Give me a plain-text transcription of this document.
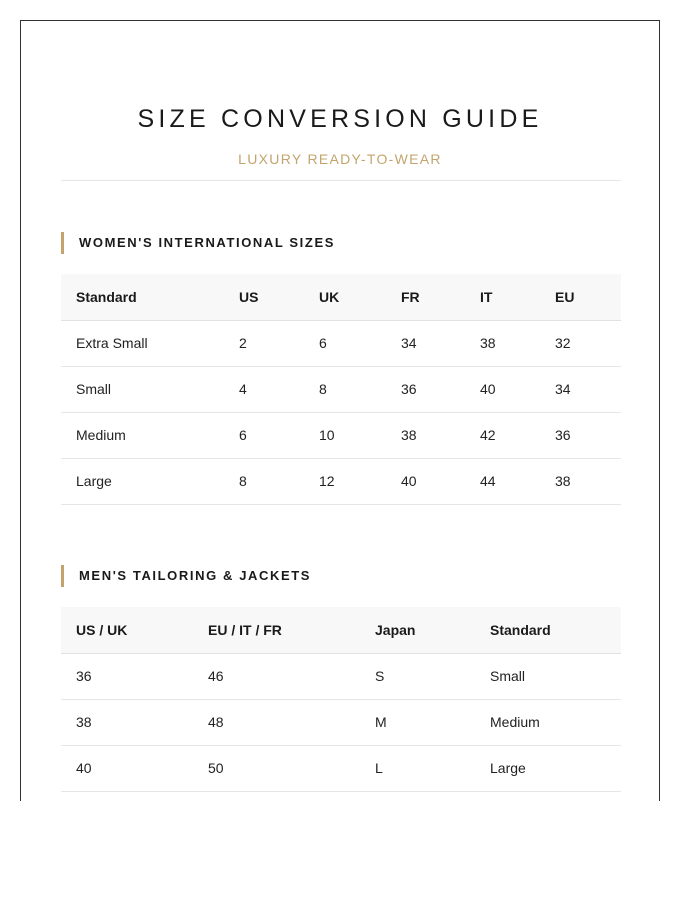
SIZE CONVERSION GUIDE
LUXURY READY-TO-WEAR
WOMEN'S INTERNATIONAL SIZES
Standard	US	UK	FR	IT	EU
Extra Small	2	6	34	38	32
Small	4	8	36	40	34
Medium	6	10	38	42	36
Large	8	12	40	44	38
MEN'S TAILORING & JACKETS
US / UK	EU / IT / FR	Japan	Standard
36	46	S	Small
38	48	M	Medium
40	50	L	Large
